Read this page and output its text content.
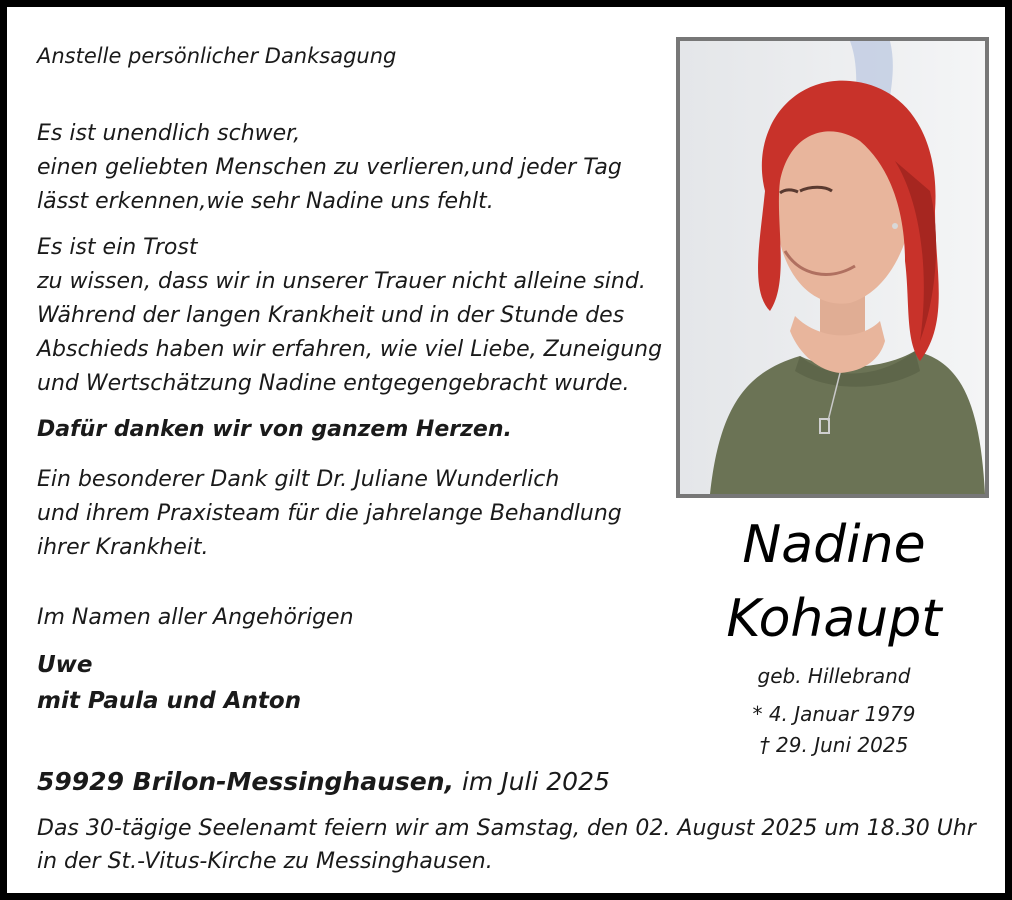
Anstelle persönlicher Danksagung

Es ist unendlich schwer,
einen geliebten Menschen zu verlieren,und jeder Tag
lässt erkennen,wie sehr Nadine uns fehlt.
Es ist ein Trost
zu wissen, dass wir in unserer Trauer nicht alleine sind.
Während der langen Krankheit und in der Stunde des
Abschieds haben wir erfahren, wie viel Liebe, Zuneigung
und Wertschätzung Nadine entgegengebracht wurde.

Dafür danken wir von ganzem Herzen.

Ein besonderer Dank gilt Dr. Juliane Wunderlich
und ihrem Praxisteam für die jahrelange Behandlung
ihrer Krankheit.

Im Namen aller Angehörigen

Uwe
mit Paula und Anton

59929 Brilon-Messinghausen, im Juli 2025

Das 30-tägige Seelenamt feiern wir am Samstag, den 02. August 2025 um 18.30 Uhr
in der St.-Vitus-Kirche zu Messinghausen.

Nadine

Kohaupt

geb. Hillebrand

* 4. Januar 1979
† 29. Juni 2025
